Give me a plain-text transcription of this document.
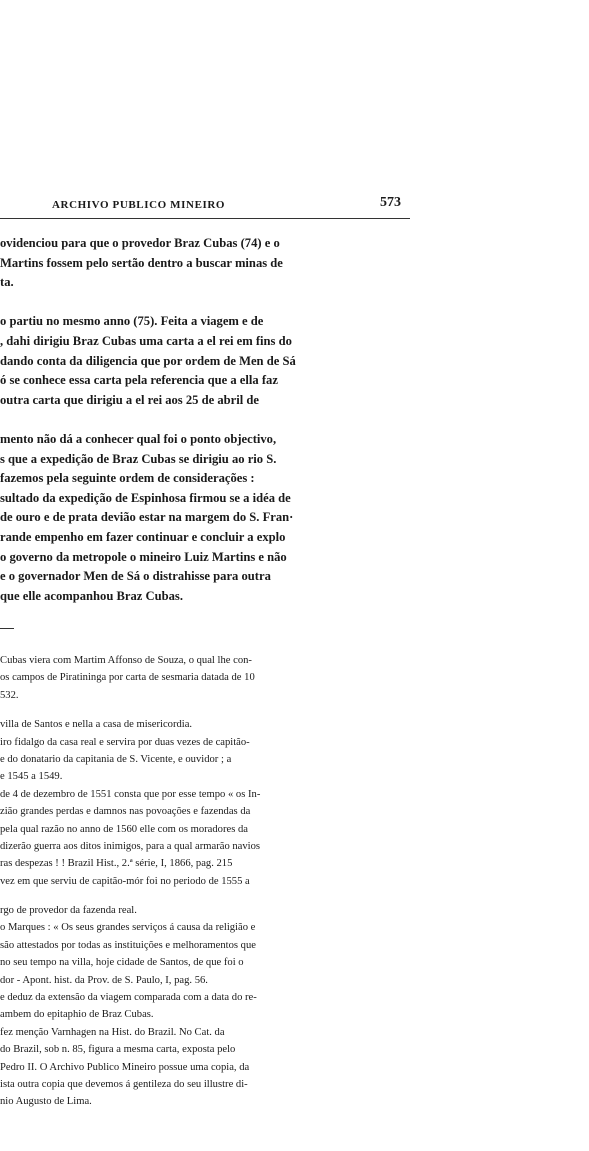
ARCHIVO PUBLICO MINEIRO	573
ovidenciou para que o provedor Braz Cubas (74) e o
Martins fossem pelo sertão dentro a buscar minas de
ta.
o partiu no mesmo anno (75). Feita a viagem e de
, dahi dirigiu Braz Cubas uma carta a el rei em fins do
dando conta da diligencia que por ordem de Men de Sá
ó se conhece essa carta pela referencia que a ella faz
outra carta que dirigiu a el rei aos 25 de abril de
mento não dá a conhecer qual foi o ponto objectivo,
s que a expedição de Braz Cubas se dirigiu ao rio S.
fazemos pela seguinte ordem de considerações :
sultado da expedição de Espinhosa firmou se a idéa de
de ouro e de prata devião estar na margem do S. Fran·
rande empenho em fazer continuar e concluir a explo
o governo da metropole o mineiro Luiz Martins e não
e o governador Men de Sá o distrahisse para outra
que elle acompanhou Braz Cubas.
Cubas viera com Martim Affonso de Souza, o qual lhe con-
os campos de Piratininga por carta de sesmaria datada de 10
532.
villa de Santos e nella a casa de misericordia.
iro fidalgo da casa real e servira por duas vezes de capitão-
e do donatario da capitania de S. Vicente, e ouvidor ; a
e 1545 a 1549.
de 4 de dezembro de 1551 consta que por esse tempo « os In-
zião grandes perdas e damnos nas povoações e fazendas da
pela qual razão no anno de 1560 elle com os moradores da
dizerão guerra aos ditos inimigos, para a qual armarão navios
ras despezas ! ! Brazil Hist., 2.ª série, I, 1866, pag. 215
vez em que serviu de capitão-mór foi no periodo de 1555 a
rgo de provedor da fazenda real.
o Marques : « Os seus grandes serviços á causa da religião e
são attestados por todas as instituições e melhoramentos que
no seu tempo na villa, hoje cidade de Santos, de que foi o
dor - Apont. hist. da Prov. de S. Paulo, I, pag. 56.
e deduz da extensão da viagem comparada com a data do re-
ambem do epitaphio de Braz Cubas.
fez menção Varnhagen na Hist. do Brazil. No Cat. da
do Brazil, sob n. 85, figura a mesma carta, exposta pelo
Pedro II. O Archivo Publico Mineiro possue uma copia, da
ista outra copia que devemos á gentileza do seu illustre di-
nio Augusto de Lima.
